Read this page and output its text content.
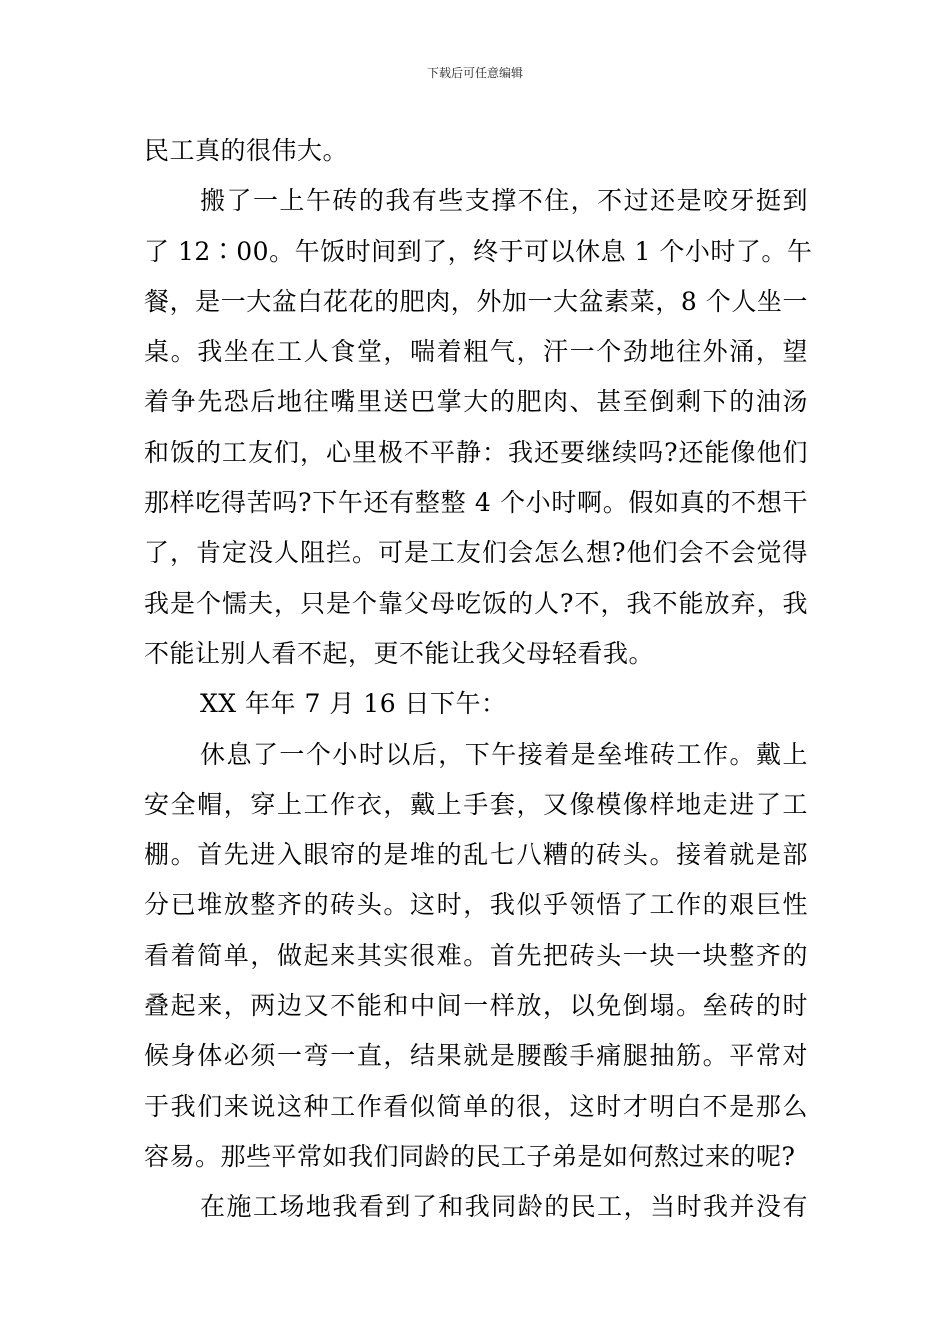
下载后可任意编辑
民工真的很伟大。
搬了一上午砖的我有些支撑不住，不过还是咬牙挺到
了 12∶00。午饭时间到了，终于可以休息 1 个小时了。午
餐，是一大盆白花花的肥肉，外加一大盆素菜，8 个人坐一
桌。我坐在工人食堂，喘着粗气，汗一个劲地往外涌，望
着争先恐后地往嘴里送巴掌大的肥肉、甚至倒剩下的油汤
和饭的工友们，心里极不平静：我还要继续吗?还能像他们
那样吃得苦吗?下午还有整整 4 个小时啊。假如真的不想干
了，肯定没人阻拦。可是工友们会怎么想?他们会不会觉得
我是个懦夫，只是个靠父母吃饭的人?不，我不能放弃，我
不能让别人看不起，更不能让我父母轻看我。
XX 年年 7 月 16 日下午：
休息了一个小时以后，下午接着是垒堆砖工作。戴上
安全帽，穿上工作衣，戴上手套，又像模像样地走进了工
棚。首先进入眼帘的是堆的乱七八糟的砖头。接着就是部
分已堆放整齐的砖头。这时，我似乎领悟了工作的艰巨性
看着简单，做起来其实很难。首先把砖头一块一块整齐的
叠起来，两边又不能和中间一样放，以免倒塌。垒砖的时
候身体必须一弯一直，结果就是腰酸手痛腿抽筋。平常对
于我们来说这种工作看似简单的很，这时才明白不是那么
容易。那些平常如我们同龄的民工子弟是如何熬过来的呢?
在施工场地我看到了和我同龄的民工，当时我并没有
